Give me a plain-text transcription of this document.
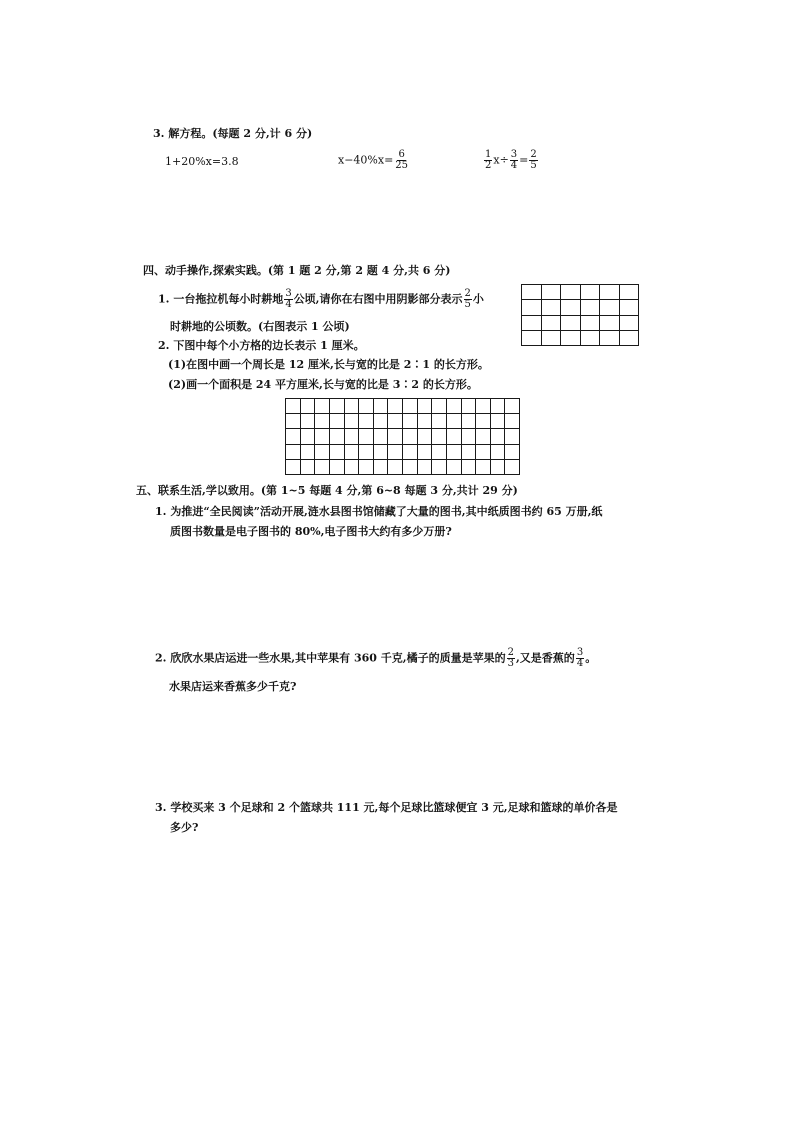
3. 解方程。(每题 2 分,计 6 分)
1+20%x=3.8	$x-40\%x= \frac{6}{25}$	$\frac{1}{2} x\div \frac{3}{4} = \frac{2}{5}$
四、动手操作,探索实践。(第 1 题 2 分,第 2 题 4 分,共 6 分)
1. 一台拖拉机每小时耕地 $\frac{3}{4}$ 公顷,请你在右图中用阴影部分表示 $\frac{2}{5}$ 小
时耕地的公顷数。(右图表示 1 公顷)

2. 下图中每个小方格的边长表示 1 厘米。
(1)在图中画一个周长是 12 厘米,长与宽的比是 2∶1 的长方形。
(2)画一个面积是 24 平方厘米,长与宽的比是 3∶2 的长方形。

五、联系生活,学以致用。(第 1~5 每题 4 分,第 6~8 每题 3 分,共计 29 分)
1. 为推进“全民阅读”活动开展,涟水县图书馆储藏了大量的图书,其中纸质图书约 65 万册,纸
质图书数量是电子图书的 80%,电子图书大约有多少万册?
2. 欣欣水果店运进一些水果,其中苹果有 360 千克,橘子的质量是苹果的 $\frac{2}{3}$ ,又是香蕉的 $\frac{3}{4}$ 。
水果店运来香蕉多少千克?
3. 学校买来 3 个足球和 2 个篮球共 111 元,每个足球比篮球便宜 3 元,足球和篮球的单价各是
多少?
